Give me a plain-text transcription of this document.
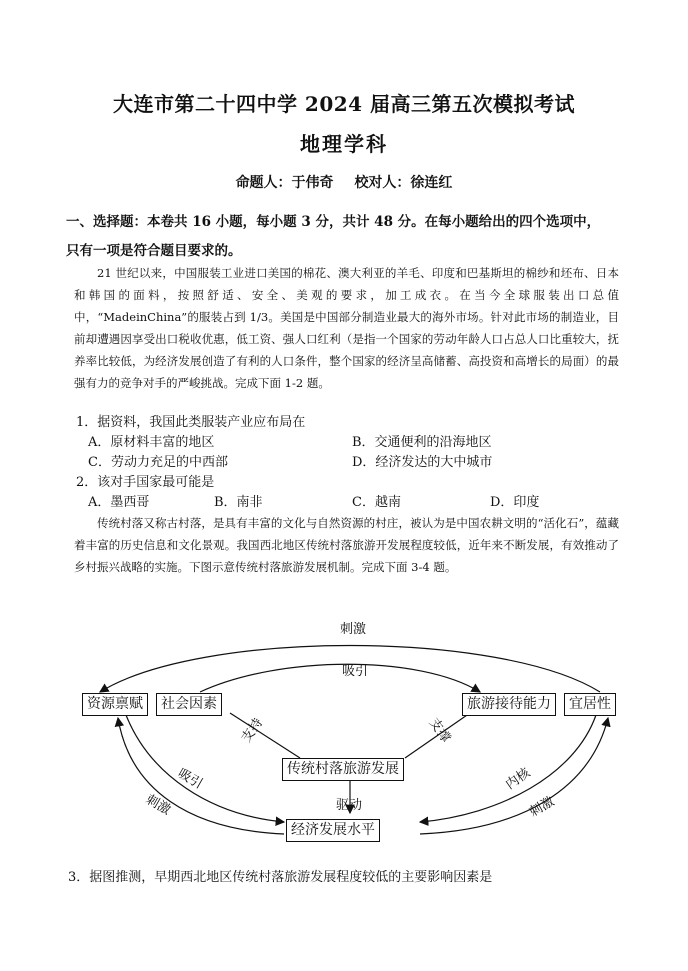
大连市第二十四中学 2024 届高三第五次模拟考试
地理学科
命题人：于伟奇 校对人：徐连红
一、选择题：本卷共 16 小题，每小题 3 分，共计 48 分。在每小题给出的四个选项中，
只有一项是符合题目要求的。
21 世纪以来，中国服装工业进口美国的棉花、澳大利亚的羊毛、印度和巴基斯坦的棉纱和坯布、日本和韩国的面料，按照舒适、安全、美观的要求，加工成衣。在当今全球服装出口总值中，“MadeinChina”的服装占到 1/3。美国是中国部分制造业最大的海外市场。针对此市场的制造业，目前却遭遇因享受出口税收优惠，低工资、强人口红利（是指一个国家的劳动年龄人口占总人口比重较大，抚养率比较低，为经济发展创造了有利的人口条件，整个国家的经济呈高储蓄、高投资和高增长的局面）的最强有力的竞争对手的严峻挑战。完成下面 1-2 题。
1．据资料，我国此类服装产业应布局在
A．原材料丰富的地区	B．交通便利的沿海地区
C．劳动力充足的中西部	D．经济发达的大中城市
2．该对手国家最可能是
A．墨西哥	B．南非	C．越南	D．印度
传统村落又称古村落，是具有丰富的文化与自然资源的村庄，被认为是中国农耕文明的“活化石”，蕴藏着丰富的历史信息和文化景观。我国西北地区传统村落旅游开发展程度较低，近年来不断发展，有效推动了乡村振兴战略的实施。下图示意传统村落旅游发展机制。完成下面 3-4 题。
资源禀赋	社会因素	旅游接待能力	宜居性
传统村落旅游发展
经济发展水平
刺激
吸引
支持	支撑
吸引
刺激	驱动
内核
刺激
3．据图推测，早期西北地区传统村落旅游发展程度较低的主要影响因素是
